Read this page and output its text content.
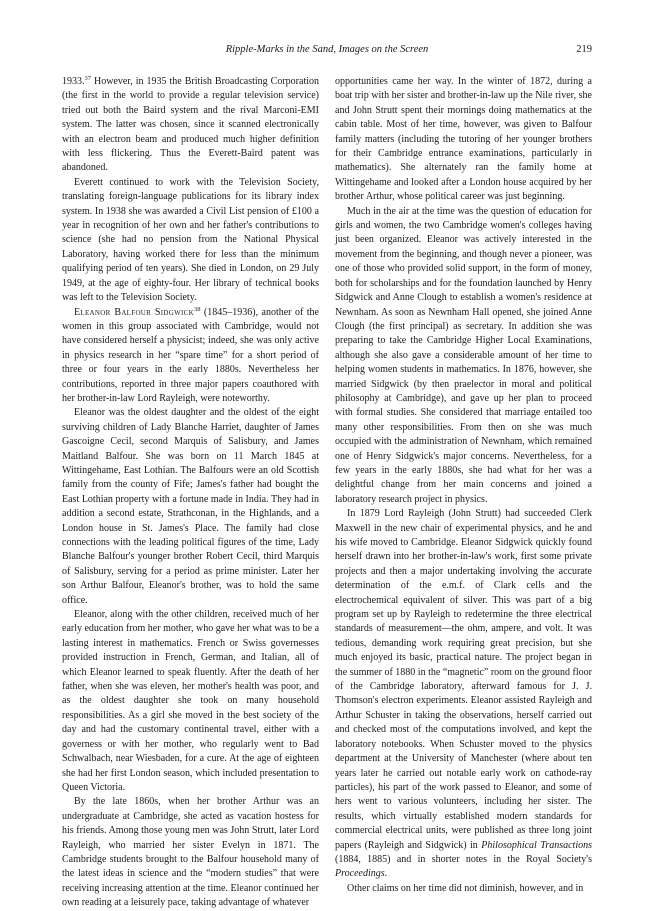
Ripple-Marks in the Sand, Images on the Screen	219

1933.37 However, in 1935 the British Broadcasting Corporation (the first in the world to provide a regular television service) tried out both the Baird system and the rival Marconi-EMI system. The latter was chosen, since it scanned electronically with an electron beam and produced much higher definition with less flickering. Thus the Everett-Baird patent was abandoned.

Everett continued to work with the Television Society, translating foreign-language publications for its library index system. In 1938 she was awarded a Civil List pension of £100 a year in recognition of her own and her father's contributions to science (she had no pension from the National Physical Laboratory, having worked there for less than the minimum qualifying period of ten years). She died in London, on 29 July 1949, at the age of eighty-four. Her library of technical books was left to the Television Society.

Eleanor Balfour Sidgwick$^{38}$ (1845–1936), another of the women in this group associated with Cambridge, would not have considered herself a physicist; indeed, she was only active in physics research in her “spare time” for a short period of three or four years in the early 1880s. Nevertheless her contributions, reported in three major papers coauthored with her brother-in-law Lord Rayleigh, were noteworthy.

Eleanor was the oldest daughter and the oldest of the eight surviving children of Lady Blanche Harriet, daughter of James Gascoigne Cecil, second Marquis of Salisbury, and James Maitland Balfour. She was born on 11 March 1845 at Wittingehame, East Lothian. The Balfours were an old Scottish family from the county of Fife; James's father had bought the East Lothian property with a fortune made in India. They had in addition a second estate, Strathconan, in the Highlands, and a London house in St. James's Place. The family had close connections with the leading political figures of the time, Lady Blanche Balfour's younger brother Robert Cecil, third Marquis of Salisbury, serving for a period as prime minister. Later her son Arthur Balfour, Eleanor's brother, was to hold the same office.

Eleanor, along with the other children, received much of her early education from her mother, who gave her what was to be a lasting interest in mathematics. French or Swiss governesses provided instruction in French, German, and Italian, all of which Eleanor learned to speak fluently. After the death of her father, when she was eleven, her mother's health was poor, and as the oldest daughter she took on many household responsibilities. As a girl she moved in the best society of the day and had the customary continental travel, either with a governess or with her mother, who regularly went to Bad Schwalbach, near Wiesbaden, for a cure. At the age of eighteen she had her first London season, which included presentation to Queen Victoria.

By the late 1860s, when her brother Arthur was an undergraduate at Cambridge, she acted as vacation hostess for his friends. Among those young men was John Strutt, later Lord Rayleigh, who married her sister Evelyn in 1871. The Cambridge students brought to the Balfour household many of the latest ideas in science and the “modern studies” that were receiving increasing attention at the time. Eleanor continued her own reading at a leisurely pace, taking advantage of whatever

opportunities came her way. In the winter of 1872, during a boat trip with her sister and brother-in-law up the Nile river, she and John Strutt spent their mornings doing mathematics at the cabin table. Most of her time, however, was given to Balfour family matters (including the tutoring of her younger brothers for their Cambridge entrance examinations, particularly in mathematics). She alternately ran the family home at Wittingehame and looked after a London house acquired by her brother Arthur, whose political career was just beginning.

Much in the air at the time was the question of education for girls and women, the two Cambridge women's colleges having just been organized. Eleanor was actively interested in the movement from the beginning, and though never a pioneer, was one of those who provided solid support, in the form of money, both for scholarships and for the foundation launched by Henry Sidgwick and Anne Clough to establish a women's residence at Newnham. As soon as Newnham Hall opened, she joined Anne Clough (the first principal) as secretary. In addition she was preparing to take the Cambridge Higher Local Examinations, although she also gave a considerable amount of her time to helping women students in mathematics. In 1876, however, she married Sidgwick (by then praelector in moral and political philosophy at Cambridge), and gave up her plan to proceed with formal studies. She considered that marriage entailed too many other responsibilities. From then on she was much occupied with the administration of Newnham, which remained one of Henry Sidgwick's major concerns. Nevertheless, for a few years in the early 1880s, she had what for her was a delightful change from her main concerns and joined a laboratory research project in physics.

In 1879 Lord Rayleigh (John Strutt) had succeeded Clerk Maxwell in the new chair of experimental physics, and he and his wife moved to Cambridge. Eleanor Sidgwick quickly found herself drawn into her brother-in-law's work, first some private projects and then a major undertaking involving the accurate determination of the e.m.f. of Clark cells and the electrochemical equivalent of silver. This was part of a big program set up by Rayleigh to redetermine the three electrical standards of measurement—the ohm, ampere, and volt. It was tedious, demanding work requiring great precision, but she much enjoyed its basic, practical nature. The project began in the summer of 1880 in the “magnetic” room on the ground floor of the Cambridge laboratory, afterward famous for J. J. Thomson's electron experiments. Eleanor assisted Rayleigh and Arthur Schuster in taking the observations, herself carried out and checked most of the computations involved, and kept the laboratory notebooks. When Schuster moved to the physics department at the University of Manchester (where about ten years later he carried out notable early work on cathode-ray particles), his part of the work passed to Eleanor, and some of hers went to various volunteers, including her sister. The results, which virtually established modern standards for commercial electrical units, were published as three long joint papers (Rayleigh and Sidgwick) in Philosophical Transactions (1884, 1885) and in shorter notes in the Royal Society's Proceedings.

Other claims on her time did not diminish, however, and in
